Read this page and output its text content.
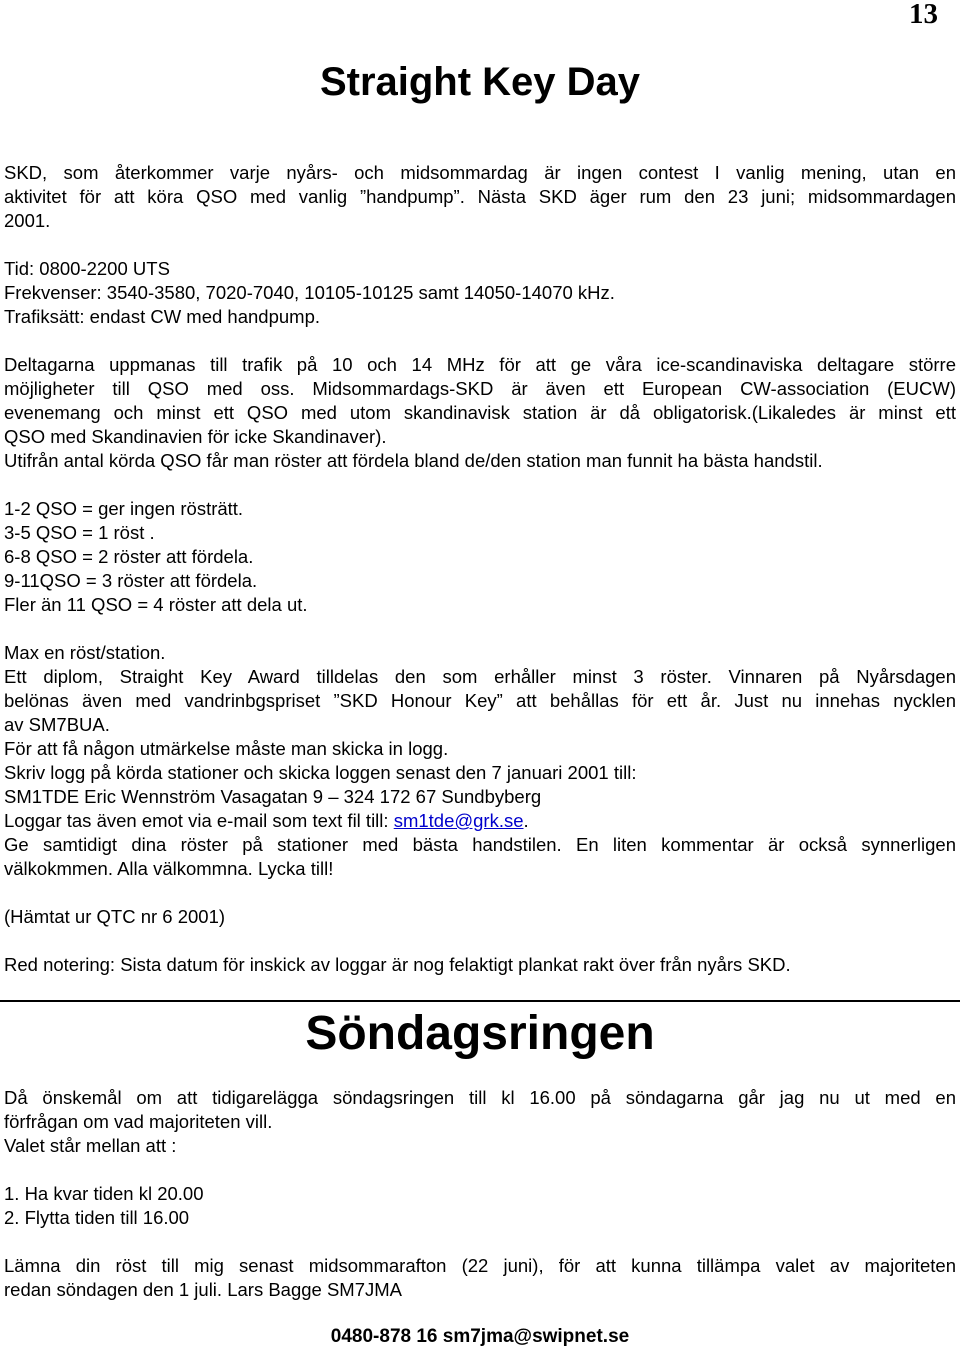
13
Straight Key Day
SKD, som återkommer varje nyårs- och midsommardag är ingen contest I vanlig mening, utan en
aktivitet för att köra QSO med vanlig ”handpump”. Nästa SKD äger rum den 23 juni; midsommardagen
2001.
Tid: 0800-2200 UTS
Frekvenser: 3540-3580, 7020-7040, 10105-10125 samt 14050-14070 kHz.
Trafiksätt: endast CW med handpump.
Deltagarna uppmanas till trafik på 10 och 14 MHz för att ge våra ice-scandinaviska deltagare större
möjligheter till QSO med oss. Midsommardags-SKD är även ett European CW-association (EUCW)
evenemang och minst ett QSO med utom skandinavisk station är då obligatorisk.(Likaledes är minst ett
QSO med Skandinavien för icke Skandinaver).
Utifrån antal körda QSO får man röster att fördela bland de/den station man funnit ha bästa handstil.
1-2 QSO = ger ingen rösträtt.
3-5 QSO = 1 röst .
6-8 QSO = 2 röster att fördela.
9-11QSO = 3 röster att fördela.
Fler än 11 QSO = 4 röster att dela ut.
Max en röst/station.
Ett diplom, Straight Key Award tilldelas den som erhåller minst 3 röster. Vinnaren på Nyårsdagen
belönas även med vandrinbgspriset ”SKD Honour Key” att behållas för ett år. Just nu innehas nycklen
av SM7BUA.
För att få någon utmärkelse måste man skicka in logg.
Skriv logg på körda stationer och skicka loggen senast den 7 januari 2001 till:
SM1TDE Eric Wennström Vasagatan 9 – 324 172 67 Sundbyberg
Loggar tas även emot via e-mail som text fil till: sm1tde@grk.se.
Ge samtidigt dina röster på stationer med bästa handstilen. En liten kommentar är också synnerligen
välkokmmen. Alla välkommna. Lycka till!
(Hämtat ur QTC nr 6 2001)
Red notering: Sista datum för inskick av loggar är nog felaktigt plankat rakt över från nyårs SKD.
Söndagsringen
Då önskemål om att tidigarelägga söndagsringen till kl 16.00 på söndagarna går jag nu ut med en
förfrågan om vad majoriteten vill.
Valet står mellan att :
1. Ha kvar tiden kl 20.00
2. Flytta tiden till 16.00
Lämna din röst till mig senast midsommarafton (22 juni), för att kunna tillämpa valet av majoriteten
redan söndagen den 1 juli. Lars Bagge SM7JMA
0480-878 16 sm7jma@swipnet.se
